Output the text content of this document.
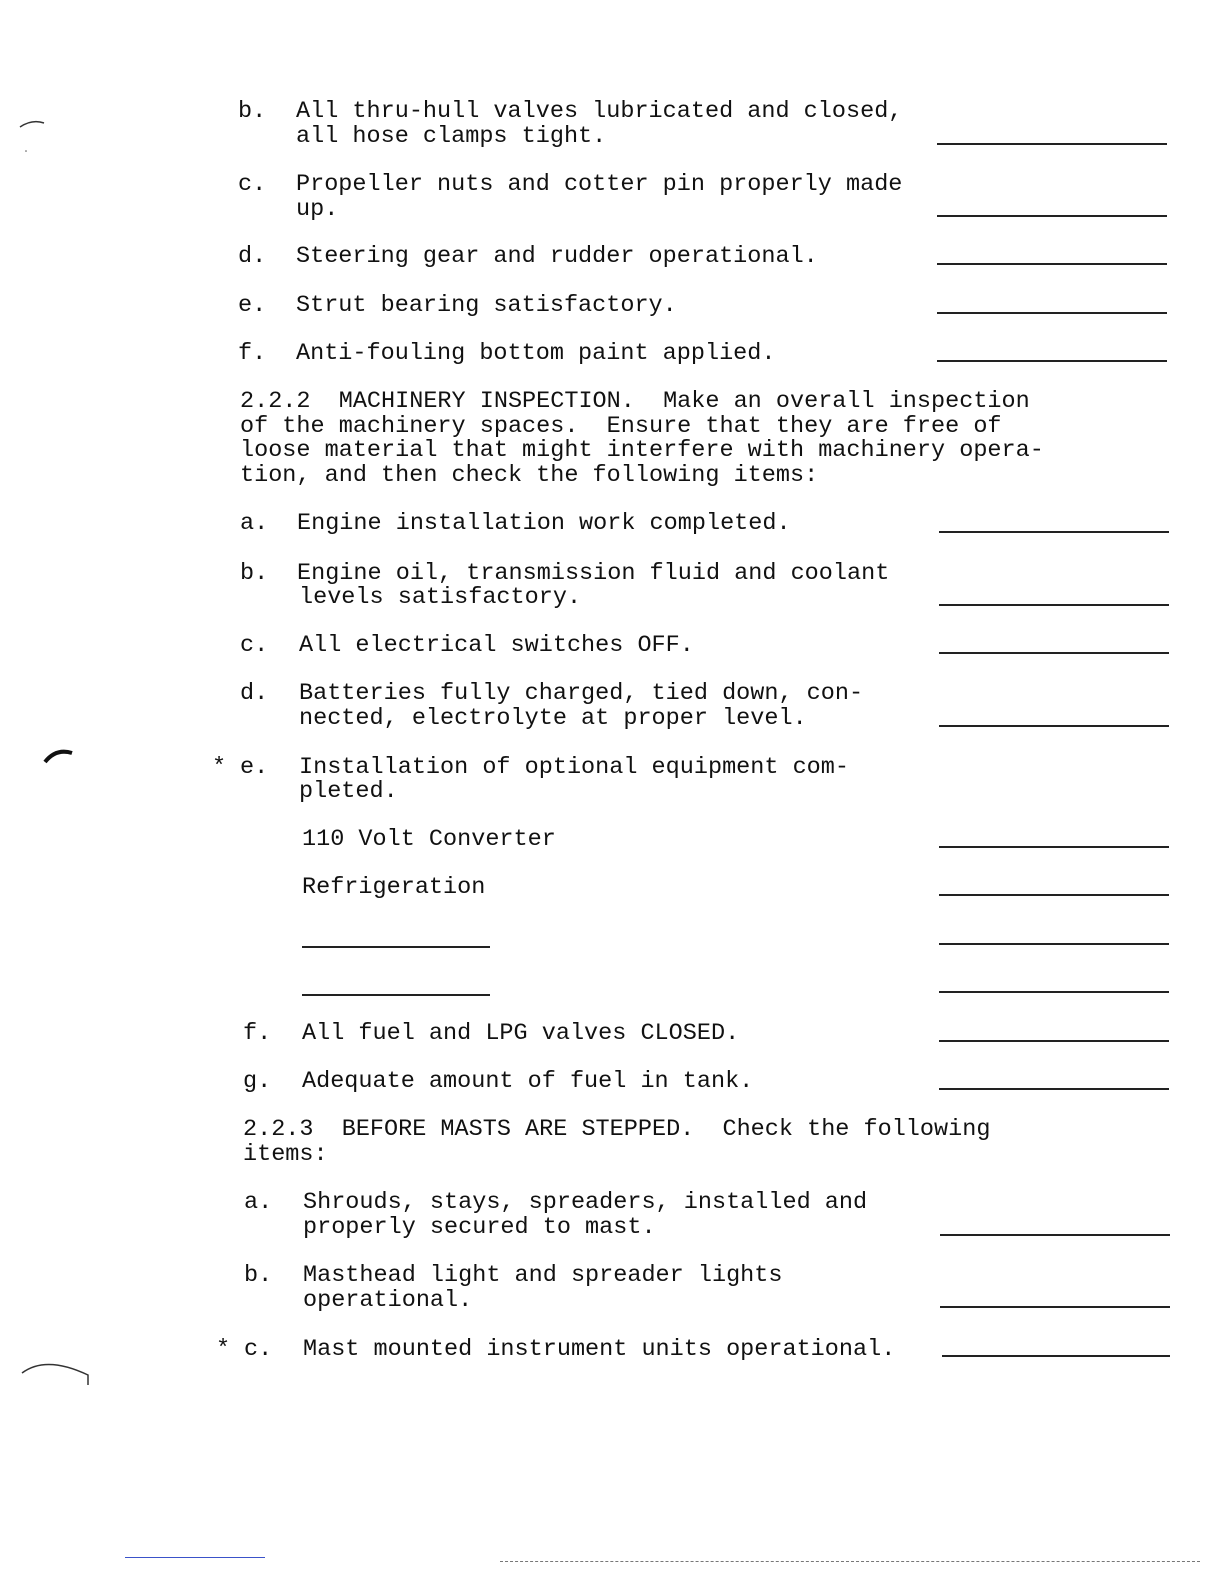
b. All thru-hull valves lubricated and closed,
all hose clamps tight.
c. Propeller nuts and cotter pin properly made
up.
d. Steering gear and rudder operational.
e. Strut bearing satisfactory.
f. Anti-fouling bottom paint applied.
2.2.2  MACHINERY INSPECTION.  Make an overall inspection
of the machinery spaces.  Ensure that they are free of
loose material that might interfere with machinery opera-
tion, and then check the following items:
a. Engine installation work completed.
b. Engine oil, transmission fluid and coolant
levels satisfactory.
c. All electrical switches OFF.
d. Batteries fully charged, tied down, con-
nected, electrolyte at proper level.
* e. Installation of optional equipment com-
pleted.
110 Volt Converter
Refrigeration
f. All fuel and LPG valves CLOSED.
g. Adequate amount of fuel in tank.
2.2.3  BEFORE MASTS ARE STEPPED.  Check the following
items:
a. Shrouds, stays, spreaders, installed and
properly secured to mast.
b. Masthead light and spreader lights
operational.
* c. Mast mounted instrument units operational.
